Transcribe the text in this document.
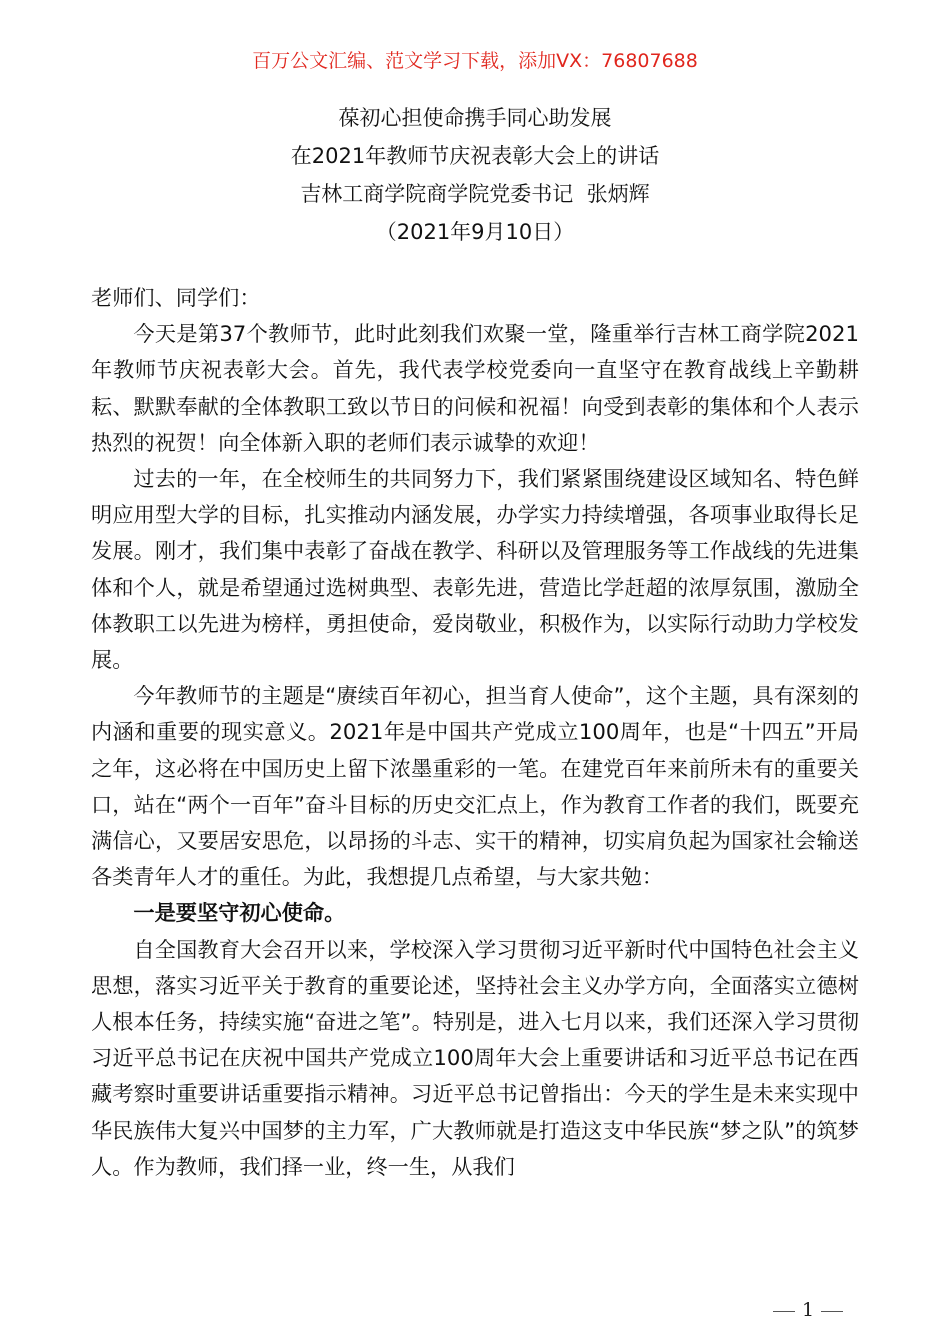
百万公文汇编、范文学习下载，添加VX：76807688
葆初心担使命携手同心助发展
在2021年教师节庆祝表彰大会上的讲话
吉林工商学院商学院党委书记  张炳辉
（2021年9月10日）

老师们、同学们：

今天是第37个教师节，此时此刻我们欢聚一堂，隆重举行吉林工商学院2021年教师节庆祝表彰大会。首先，我代表学校党委向一直坚守在教育战线上辛勤耕耘、默默奉献的全体教职工致以节日的问候和祝福！向受到表彰的集体和个人表示热烈的祝贺！向全体新入职的老师们表示诚挚的欢迎！

过去的一年，在全校师生的共同努力下，我们紧紧围绕建设区域知名、特色鲜明应用型大学的目标，扎实推动内涵发展，办学实力持续增强，各项事业取得长足发展。刚才，我们集中表彰了奋战在教学、科研以及管理服务等工作战线的先进集体和个人，就是希望通过选树典型、表彰先进，营造比学赶超的浓厚氛围，激励全体教职工以先进为榜样，勇担使命，爱岗敬业，积极作为，以实际行动助力学校发展。

今年教师节的主题是“赓续百年初心，担当育人使命”，这个主题，具有深刻的内涵和重要的现实意义。2021年是中国共产党成立100周年，也是“十四五”开局之年，这必将在中国历史上留下浓墨重彩的一笔。在建党百年来前所未有的重要关口，站在“两个一百年”奋斗目标的历史交汇点上，作为教育工作者的我们，既要充满信心，又要居安思危，以昂扬的斗志、实干的精神，切实肩负起为国家社会输送各类青年人才的重任。为此，我想提几点希望，与大家共勉：

一是要坚守初心使命。

自全国教育大会召开以来，学校深入学习贯彻习近平新时代中国特色社会主义思想，落实习近平关于教育的重要论述，坚持社会主义办学方向，全面落实立德树人根本任务，持续实施“奋进之笔”。特别是，进入七月以来，我们还深入学习贯彻习近平总书记在庆祝中国共产党成立100周年大会上重要讲话和习近平总书记在西藏考察时重要讲话重要指示精神。习近平总书记曾指出：今天的学生是未来实现中华民族伟大复兴中国梦的主力军，广大教师就是打造这支中华民族“梦之队”的筑梦人。作为教师，我们择一业，终一生，从我们

1
